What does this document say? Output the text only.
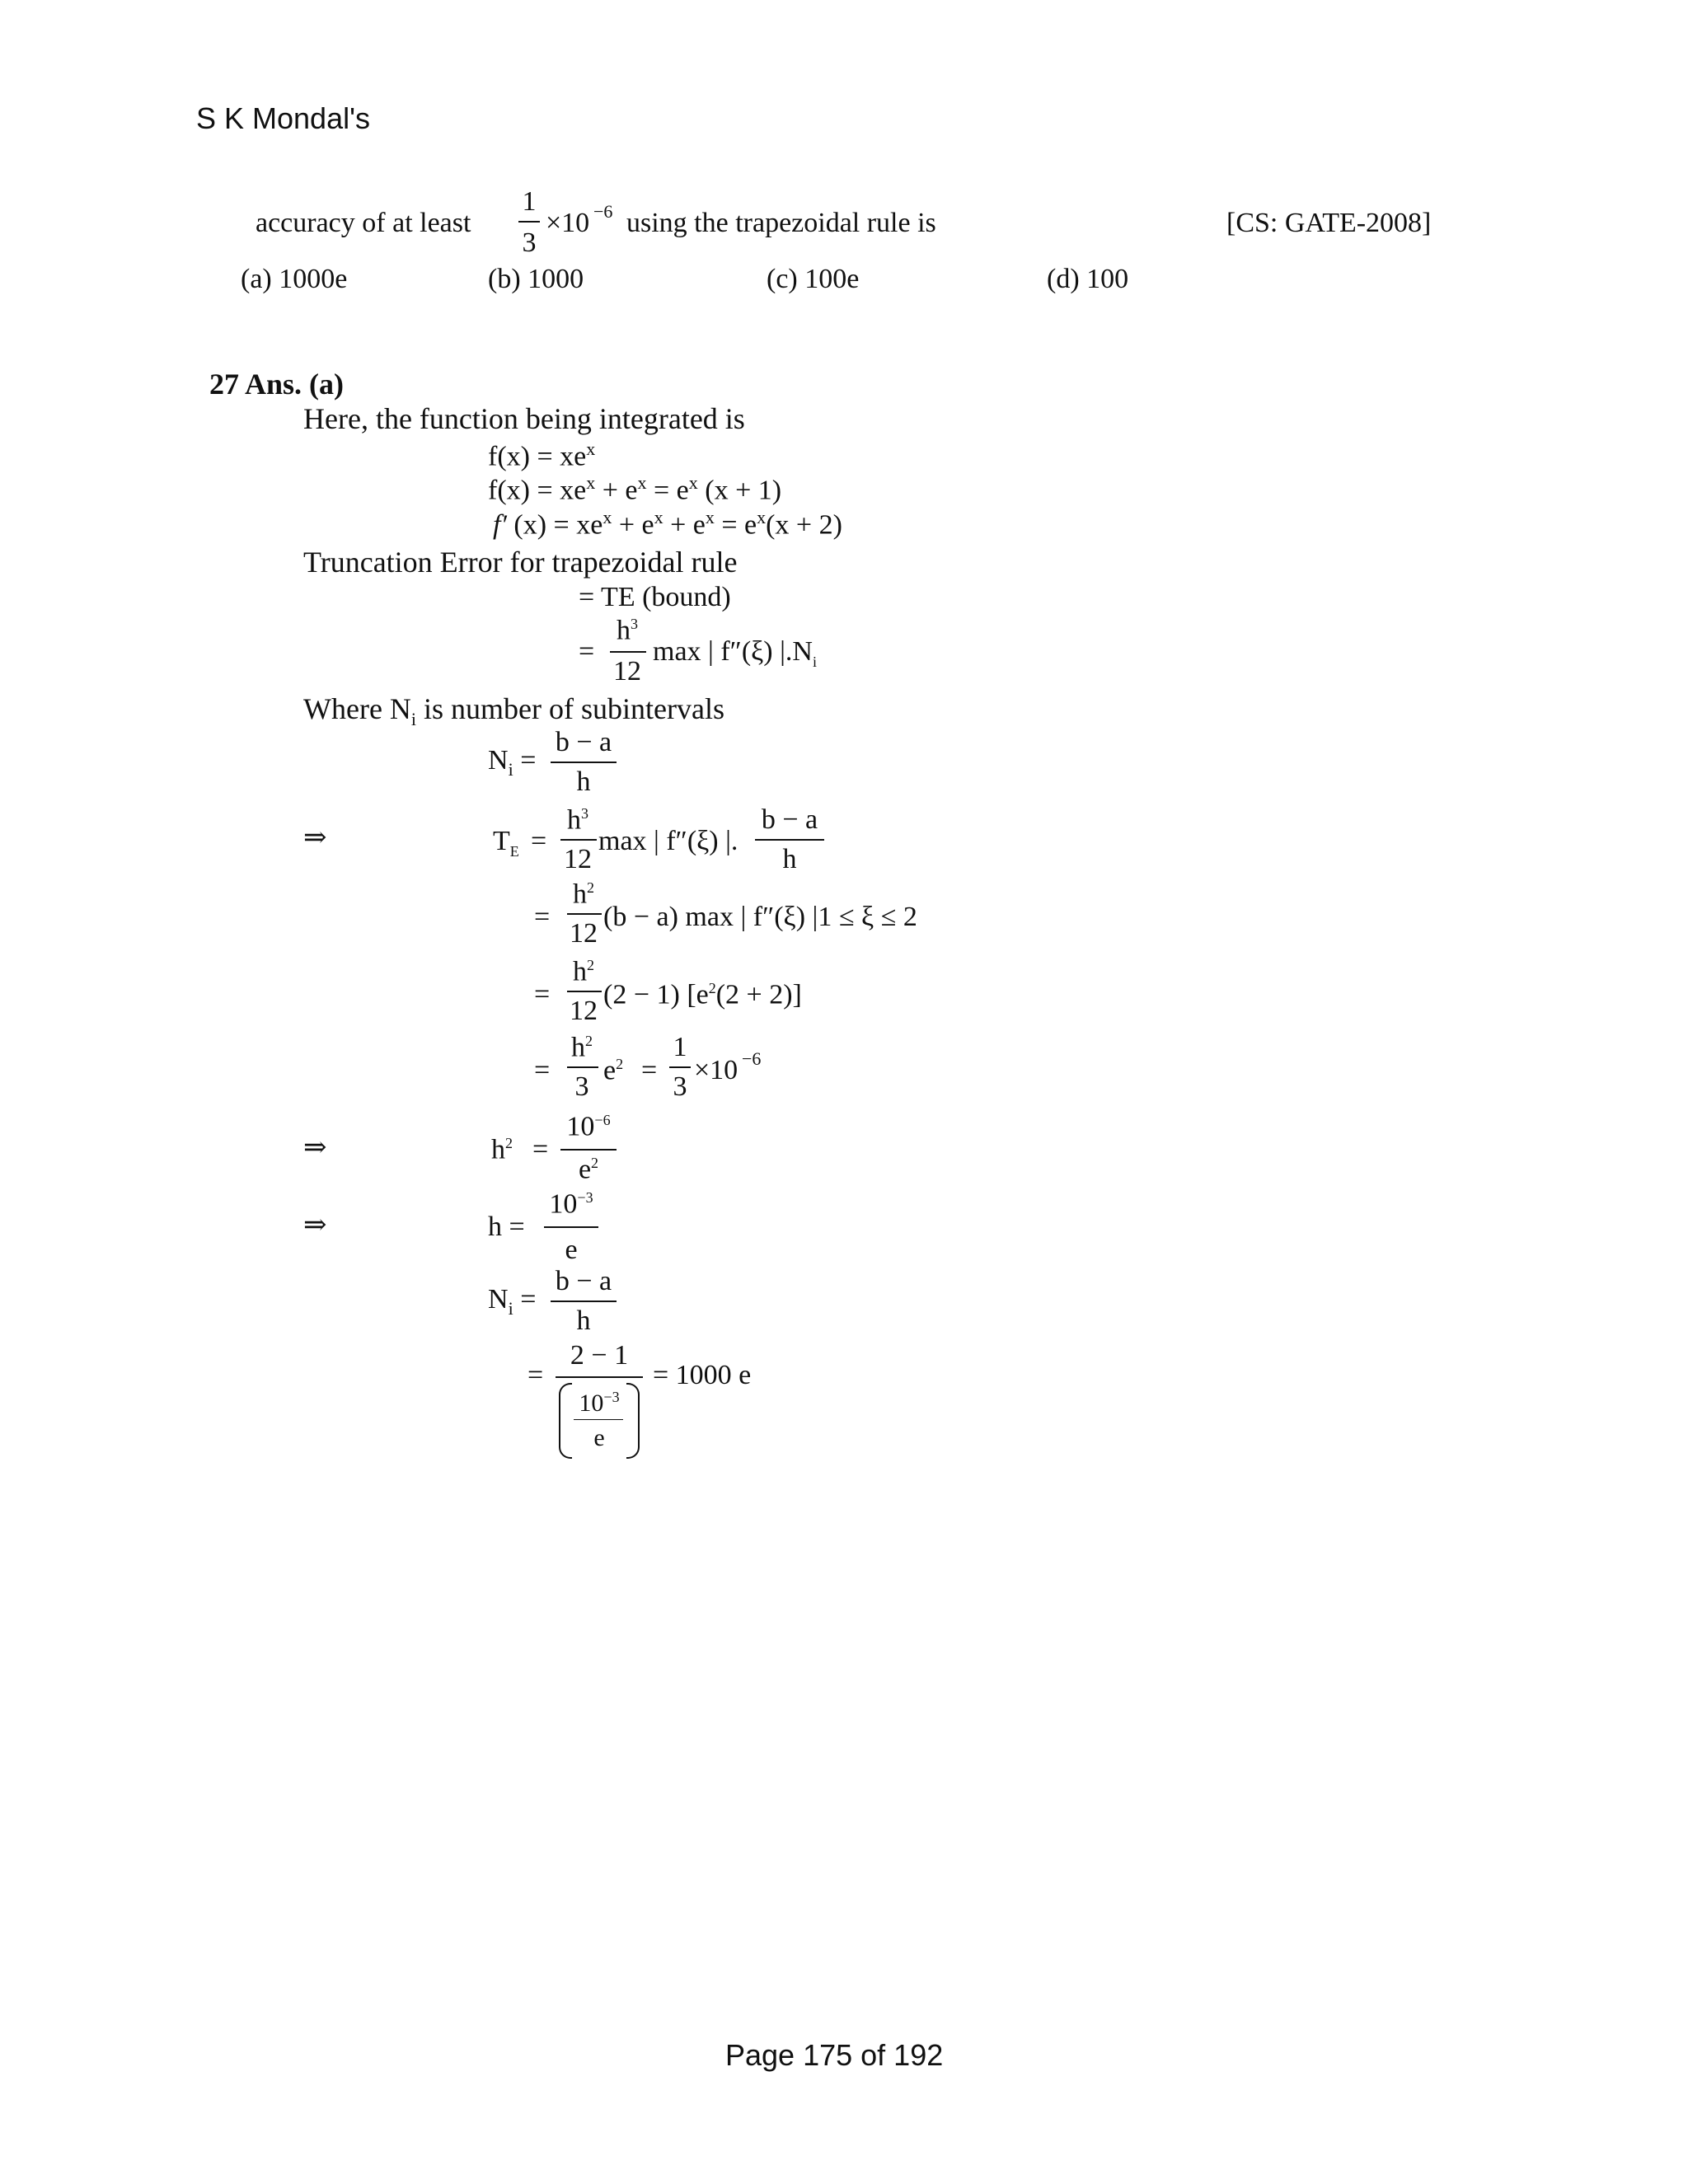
S K Mondal's
accuracy of at least
1
3
×10 −6 using the trapezoidal rule is	[CS: GATE-2008]
(a) 1000e	(b) 1000	(c) 100e	(d) 100
27 Ans. (a)
Here, the function being integrated is
$f(x) = xe^x$
$f(x) = xe^x + e^x = e^x$ (x + 1)
f′ $(x) = xe^x + e^x + e^x = e^x(x + 2)$
Truncation Error for trapezoidal rule
= TE (bound)
=
$h^3$
12
max | f″(ξ) $|.N_i$
Where $N_i$ is number of subintervals
$N_i$ =
b − a
h
⇒	$T_E$ =
$h^3$
12
max | f″(ξ) |.
b − a
h
=
$h^2$
12
(b − a) max | f″(ξ) |1 ≤ ξ ≤ 2
=
$h^2$
12
(2 − 1) $[e^2(2 + 2)]$
=
$h^2$
3
$e^2$ =
1
3
×10 −6
⇒	$h^2$ =
$10^{-6}$
$e^2$
⇒	h =
$10^{-3}$
e
$N_i$ =
b − a
h
=
2 − 1
$10^{-3}$
e
= 1000 e
Page 175 of 192
